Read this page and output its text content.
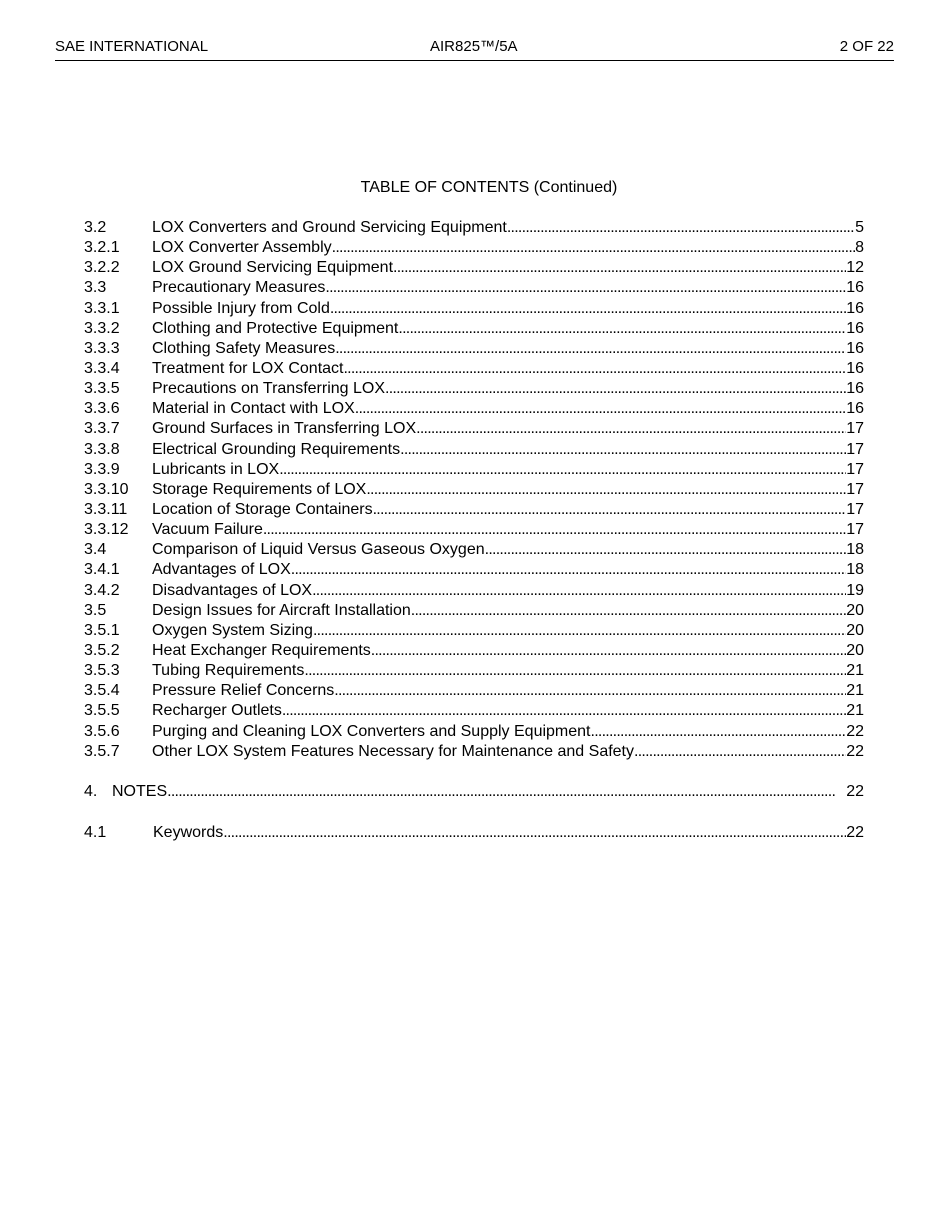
SAE INTERNATIONAL	AIR825™/5A	2 OF 22
TABLE OF CONTENTS (Continued)
3.2	LOX Converters and Ground Servicing Equipment . . .	5
3.2.1	LOX Converter Assembly . . .	8
3.2.2	LOX Ground Servicing Equipment . . .	12
3.3	Precautionary Measures . . .	16
3.3.1	Possible Injury from Cold . . .	16
3.3.2	Clothing and Protective Equipment . . .	16
3.3.3	Clothing Safety Measures . . .	16
3.3.4	Treatment for LOX Contact . . .	16
3.3.5	Precautions on Transferring LOX . . .	16
3.3.6	Material in Contact with LOX . . .	16
3.3.7	Ground Surfaces in Transferring LOX . . .	17
3.3.8	Electrical Grounding Requirements . . .	17
3.3.9	Lubricants in LOX . . .	17
3.3.10	Storage Requirements of LOX . . .	17
3.3.11	Location of Storage Containers . . .	17
3.3.12	Vacuum Failure . . .	17
3.4	Comparison of Liquid Versus Gaseous Oxygen . . .	18
3.4.1	Advantages of LOX . . .	18
3.4.2	Disadvantages of LOX . . .	19
3.5	Design Issues for Aircraft Installation . . .	20
3.5.1	Oxygen System Sizing . . .	20
3.5.2	Heat Exchanger Requirements . . .	20
3.5.3	Tubing Requirements . . .	21
3.5.4	Pressure Relief Concerns . . .	21
3.5.5	Recharger Outlets . . .	21
3.5.6	Purging and Cleaning LOX Converters and Supply Equipment . . .	22
3.5.7	Other LOX System Features Necessary for Maintenance and Safety . . .	22
4. NOTES . . .	22
4.1	Keywords . . .	22
